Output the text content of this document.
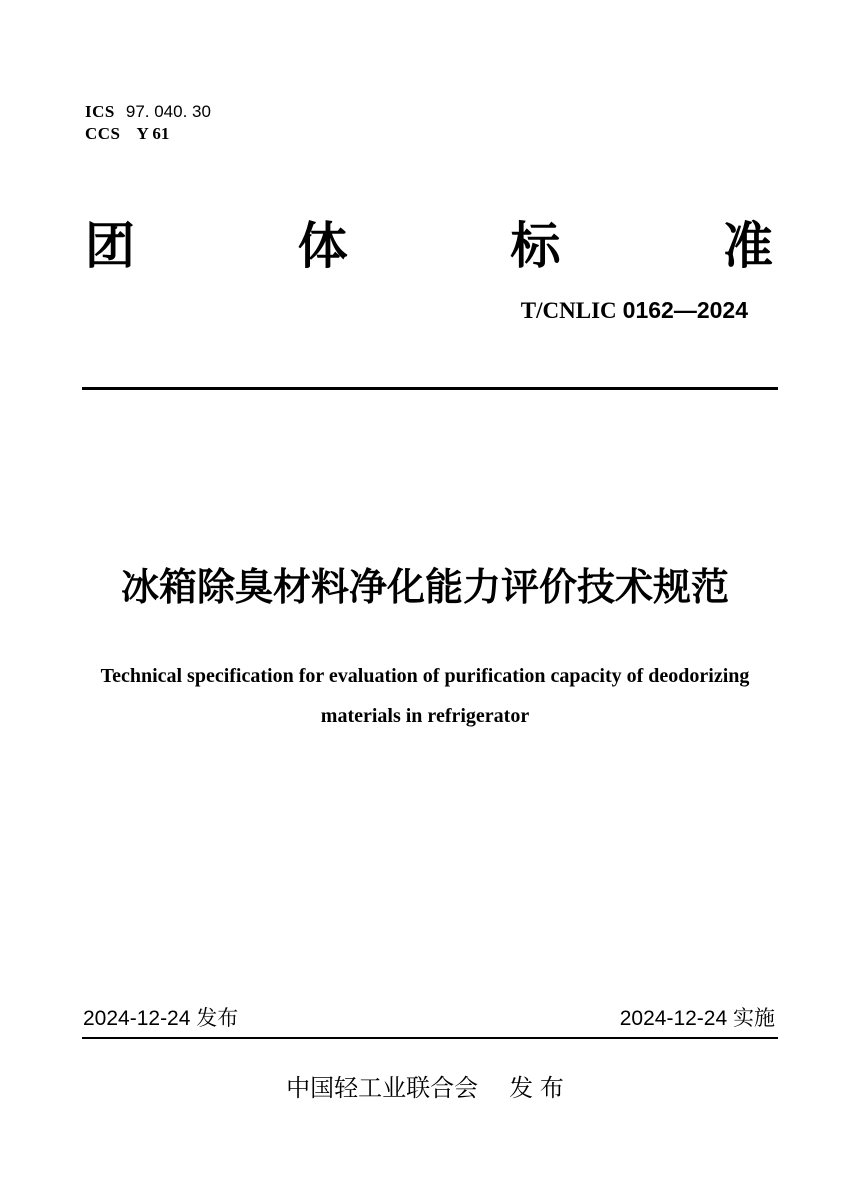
ICS 97. 040. 30
CCS Y 61
团	体	标	准
T/CNLIC 0162—2024
冰箱除臭材料净化能力评价技术规范
Technical specification for evaluation of purification capacity of deodorizing
materials in refrigerator
2024-12-24 发布	2024-12-24 实施
中国轻工业联合会 发 布
